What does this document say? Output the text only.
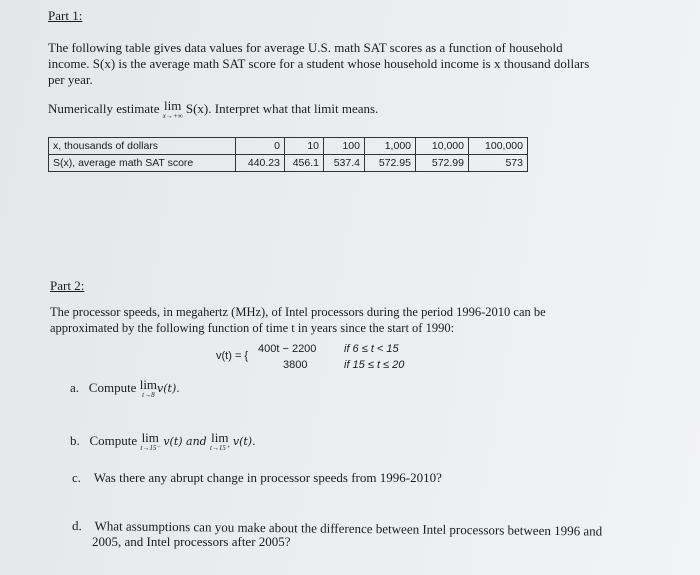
Part 1:
The following table gives data values for average U.S. math SAT scores as a function of household
income. S(x) is the average math SAT score for a student whose household income is x thousand dollars
per year.
Numerically estimate lim
x→+∞ S(x). Interpret what that limit means.
x, thousands of dollars	0	10	100	1,000	10,000	100,000
S(x), average math SAT score	440.23	456.1	537.4	572.95	572.99	573
Part 2:
The processor speeds, in megahertz (MHz), of Intel processors during the period 1996-2010 can be
approximated by the following function of time t in years since the start of 1990:
v(t) = {
400t − 2200
3800
if 6 ≤ t < 15
if 15 ≤ t ≤ 20
a. Compute lim
t→8 v(t).
b. Compute lim
t→15⁻ v(t) and lim
t→15⁺ v(t).
c. Was there any abrupt change in processor speeds from 1996-2010?
d. What assumptions can you make about the difference between Intel processors between 1996 and
2005, and Intel processors after 2005?
